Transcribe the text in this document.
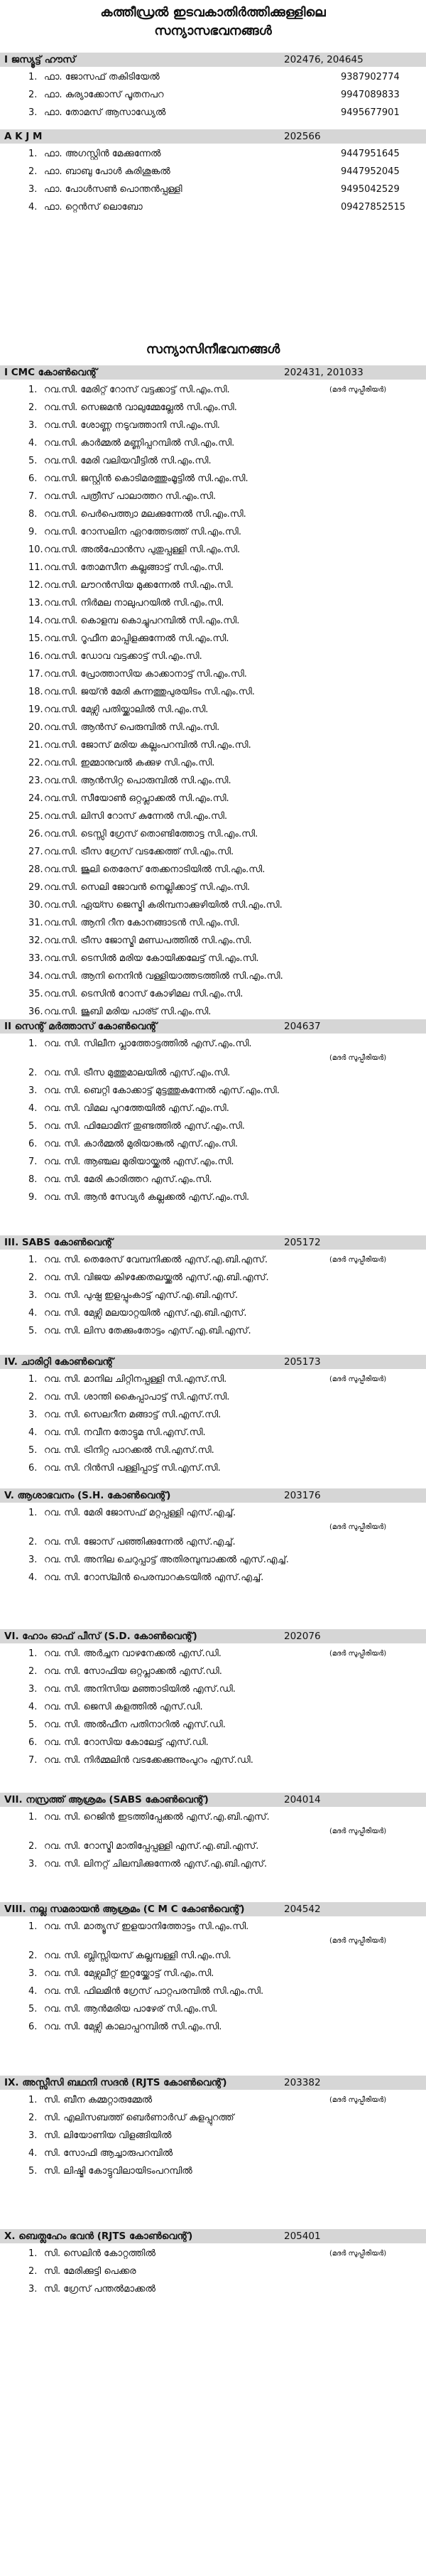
കത്തീഡ്രൽ ഇടവകാതിർത്തിക്കുള്ളിലെ
സന്യാസഭവനങ്ങൾ
I ജസ്യൂട്ട് ഹൗസ്	202476, 204645
1. ഫാ. ജോസഫ് തകിടിയേൽ	9387902774
2. ഫാ. കുര്യാക്കോസ് പൂതനപറ	9947089833
3. ഫാ. തോമസ് ആസാഡ്യേൽ	9495677901
A K J M	202566
1. ഫാ. അഗസ്റ്റിൻ മേക്കുന്നേൽ	9447951645
2. ഫാ. ബാബു പോൾ കുരിശുങ്കൽ	9447952045
3. ഫാ. പോൾസൺ പൊന്തൻപ്പള്ളി	9495042529
4. ഫാ. റ്റെൻസ് ലൊബോ	09427852515
സന്യാസിനീഭവനങ്ങൾ
I CMC കോൺവെന്റ്	202431, 201033
1. റവ.സി. മേരിറ്റ് റോസ് വട്ടക്കാട്ട് സി.എം.സി.	(മദർ സുപ്പീരിയർ)
2. റവ.സി. സെജമൻ വാലുമ്മേല്ലേൽ സി.എം.സി.
3. റവ.സി. ശോണ്ണ നടുവത്താനി സി.എം.സി.
4. റവ.സി. കാർമ്മൽ മണ്ണിപ്പറമ്പിൽ സി.എം.സി.
5. റവ.സി. മേരി വലിയവീട്ടിൽ സി.എം.സി.
6. റവ.സി. ജസ്റ്റിൻ കൊടിമരത്തുംമൂട്ടിൽ സി.എം.സി.
7. റവ.സി. പത്രീസ് പാലാത്തറ സി.എം.സി.
8. റവ.സി. പെർപെത്ത്വാ മലക്കുന്നേൽ സി.എം.സി.
9. റവ.സി. റോസലിന ഏറത്തേടത്ത് സി.എം.സി.
10. റവ.സി. അൽഫോൻസ പുതുപ്പള്ളി സി.എം.സി.
11. റവ.സി. തോമസീന കല്ലങ്ങാട്ട് സി.എം.സി.
12. റവ.സി. ലൗറൻസിയ മുക്കന്നേൽ സി.എം.സി.
13. റവ.സി. നിർമല നാലുപറയിൽ സി.എം.സി.
14. റവ.സി. കൊളമ്പ കൊച്ചുപറമ്പിൽ സി.എം.സി.
15. റവ.സി. റൂഫീന മാപ്പിളക്കുന്നേൽ സി.എം.സി.
16. റവ.സി. ഡോവ വട്ടക്കാട്ട് സി.എം.സി.
17. റവ.സി. പ്രോത്താസിയ കാക്കാനാട്ട് സി.എം.സി.
18. റവ.സി. ജയ്ൻ മേരി കുന്നത്തുപുരയിടം സി.എം.സി.
19. റവ.സി. മേഴ്സി പതിയ്ക്കാലിൽ സി.എം.സി.
20. റവ.സി. ആൻസ് പെരുമ്പിൽ സി.എം.സി.
21. റവ.സി. ജോസ് മരിയ കല്ലംപറമ്പിൽ സി.എം.സി.
22. റവ.സി. ഇമ്മാനുവൽ കക്കുഴ സി.എം.സി.
23. റവ.സി. ആൻസിറ്റ പൊരുമ്പിൽ സി.എം.സി.
24. റവ.സി. സീയോൺ ഒറ്റപ്ലാക്കൽ സി.എം.സി.
25. റവ.സി. ലിസി റോസ് കുന്നേൽ സി.എം.സി.
26. റവ.സി. ടെസ്സി ഗ്രേസ് തൊണ്ടിത്തോട്ട സി.എം.സി.
27. റവ.സി. ട്രീസ ഗ്രേസ് വടക്കേത്ത് സി.എം.സി.
28. റവ.സി. ജൂലി തെരേസ് തേക്കനാടിയിൽ സി.എം.സി.
29. റവ.സി. സെലി ജോവൻ നെല്ലിക്കാട്ട് സി.എം.സി.
30. റവ.സി. ഏയ്സ ജെസ്മി കരിമ്പനാക്കുഴിയിൽ സി.എം.സി.
31. റവ.സി. ആനി റീന കോനങ്ങാടൻ സി.എം.സി.
32. റവ.സി. ട്രീസ ജോസ്മി മണ്ഡപത്തിൽ സി.എം.സി.
33. റവ.സി. ടെസിൽ മരിയ കോയിക്കലേട്ട് സി.എം.സി.
34. റവ.സി. ആനി നെനിൻ വള്ളിയാത്തടത്തിൽ സി.എം.സി.
35. റവ.സി. ടെസിൻ റോസ് കോഴിമല സി.എം.സി.
36. റവ.സി. ജൂബി മരിയ പാര്ട് സി.എം.സി.
II സെന്റ് മർത്താസ് കോൺവെന്റ്	204637
1. റവ. സി. സിലീന പ്ലാത്തോട്ടത്തിൽ എസ്.എം.സി.
(മദർ സുപ്പീരിയർ)
2. റവ. സി. ട്രീസ മുത്തുമാലയിൽ എസ്.എം.സി.
3. റവ. സി. ബെറ്റി കോക്കാട്ട് മുട്ടത്തുകുന്നേൽ എസ്.എം.സി.
4. റവ. സി. വിമല പുറത്തേയിൽ എസ്.എം.സി.
5. റവ. സി. ഫിലോമിന് തുണ്ടത്തിൽ എസ്.എം.സി.
6. റവ. സി. കാർമ്മൽ മുരിയാങ്കൽ എസ്.എം.സി.
7. റവ. സി. ആഞ്ചല മുരിയായ്ക്കൽ എസ്.എം.സി.
8. റവ. സി. മേരി കാരിത്തറ എസ്.എം.സി.
9. റവ. സി. ആൻ സേവ്യർ കല്ലക്കൽ എസ്.എം.സി.
III. SABS കോൺവെന്റ്	205172
1. റവ. സി. തെരേസ് വേമ്പനിക്കൽ എസ്.എ.ബി.എസ്.	(മദർ സുപ്പീരിയർ)
2. റവ. സി. വിജയ കിഴക്കേതലയ്ക്കൽ എസ്.എ.ബി.എസ്.
3. റവ. സി. പുഷ്പ ഇളപ്പുംകാട്ട് എസ്.എ.ബി.എസ്.
4. റവ. സി. മേഴ്സി മലയാറ്റയിൽ എസ്.എ.ബി.എസ്.
5. റവ. സി. ലിസ തേക്കുംതോട്ടം എസ്.എ.ബി.എസ്.
IV. ചാരിറ്റി കോൺവെന്റ്	205173
1. റവ. സി. മാനില ചിറ്റിനപ്പള്ളി സി.എസ്.സി.	(മദർ സുപ്പീരിയർ)
2. റവ. സി. ശാന്തി കൈപ്പാപാട്ട് സി.എസ്.സി.
3. റവ. സി. സെലറീന മങ്ങാട്ട് സി.എസ്.സി.
4. റവ. സി. നവീന തോട്ടുമ സി.എസ്.സി.
5. റവ. സി. ട്രിനിറ്റ പാറക്കൽ സി.എസ്.സി.
6. റവ. സി. റിൻസി പള്ളിപ്പാട്ട് സി.എസ്.സി.
V. ആശാഭവനം (S.H. കോൺവെന്റ്)	203176
1. റവ. സി. മേരി ജോസഫ് മറ്റപ്പള്ളി എസ്.എച്ച്.
(മദർ സുപ്പീരിയർ)
2. റവ. സി. ജോസ് പഞ്ഞിക്കുന്നേൽ എസ്.എച്ച്.
3. റവ. സി. അനില ചെറുപ്പാട്ട് അതിരമ്പുമ്പാക്കൽ എസ്.എച്ച്.
4. റവ. സി. റോസ്‍ലിൻ പെരമ്പാറകടയിൽ എസ്.എച്ച്.
VI. ഹോം ഓഫ് പീസ് (S.D. കോൺവെന്റ്)	202076
1. റവ. സി. അർച്ചന വാഴനേക്കൽ എസ്.ഡി.	(മദർ സുപ്പീരിയർ)
2. റവ. സി. സോഫിയ ഒറ്റപ്ലാക്കൽ എസ്.ഡി.
3. റവ. സി. അനിസിയ മഞ്ഞാടിയിൽ എസ്.ഡി.
4. റവ. സി. ജെസി കളത്തിൽ എസ്.ഡി.
5. റവ. സി. അൽഫീന പതിനാറിൽ എസ്.ഡി.
6. റവ. സി. റോസിയ കോലേട്ട് എസ്.ഡി.
7. റവ. സി. നിർമ്മലിൻ വടക്കേക്കുന്നുംപുറം എസ്.ഡി.
VII. നസ്രത്ത് ആശ്രമം (SABS കോൺവെന്റ്)	204014
1. റവ. സി. റെജിൻ ഇടത്തിപ്പേക്കൽ എസ്.എ.ബി.എസ്.
(മദർ സുപ്പീരിയർ)
2. റവ. സി. റോസ്മി മാതിപ്പേപ്പള്ളി എസ്.എ.ബി.എസ്.
3. റവ. സി. ലിനറ്റ് ചിലമ്പിക്കുന്നേൽ എസ്.എ.ബി.എസ്.
VIII. നല്ല സമരായൻ ആശ്രമം (C M C കോൺവെന്റ്)	204542
1. റവ. സി. മാത്യൂസ് ഇളയാനിത്തോട്ടം സി.എം.സി.
(മദർ സുപ്പീരിയർ)
2. റവ. സി. ബ്ലിസ്സിയസ് കല്ലമ്പള്ളി സി.എം.സി.
3. റവ. സി. മേഴ്സലീറ്റ് ഇറ്റയ്ക്കോട്ട് സി.എം.സി.
4. റവ. സി. ഫിലമിൻ ഗ്രേസ് പാറ്റപരമ്പിൽ സി.എം.സി.
5. റവ. സി. ആൻമരിയ പാഴേര് സി.എം.സി.
6. റവ. സി. മേഴ്സി കാലാപ്പറമ്പിൽ സി.എം.സി.
IX. അസ്സീസി ബഥനി സദൻ (RJTS കോൺവെന്റ്)	203382
1. സി. ബീന കമ്മറ്റാരുമ്മേൽ	(മദർ സുപ്പീരിയർ)
2. സി. എലിസബത്ത് ബെർണാർഡ് കുളപ്പുറത്ത്
3. സി. ലിയോണിയ വിളങ്ങിയിൽ
4. സി. സോഫി ആച്ചാരുപറമ്പിൽ
5. സി. ലിഷ്മി കോട്ടുവിലായിടംപറമ്പിൽ
X. ബെത്ലഹേം ഭവൻ (RJTS കോൺവെന്റ്)	205401
1. സി. സെലിൻ കോറ്റത്തിൽ	(മദർ സുപ്പീരിയർ)
2. സി. മേരിക്കുട്ടി പെക്കര
3. സി. ഗ്രേസ് പന്തൽമാക്കൽ
